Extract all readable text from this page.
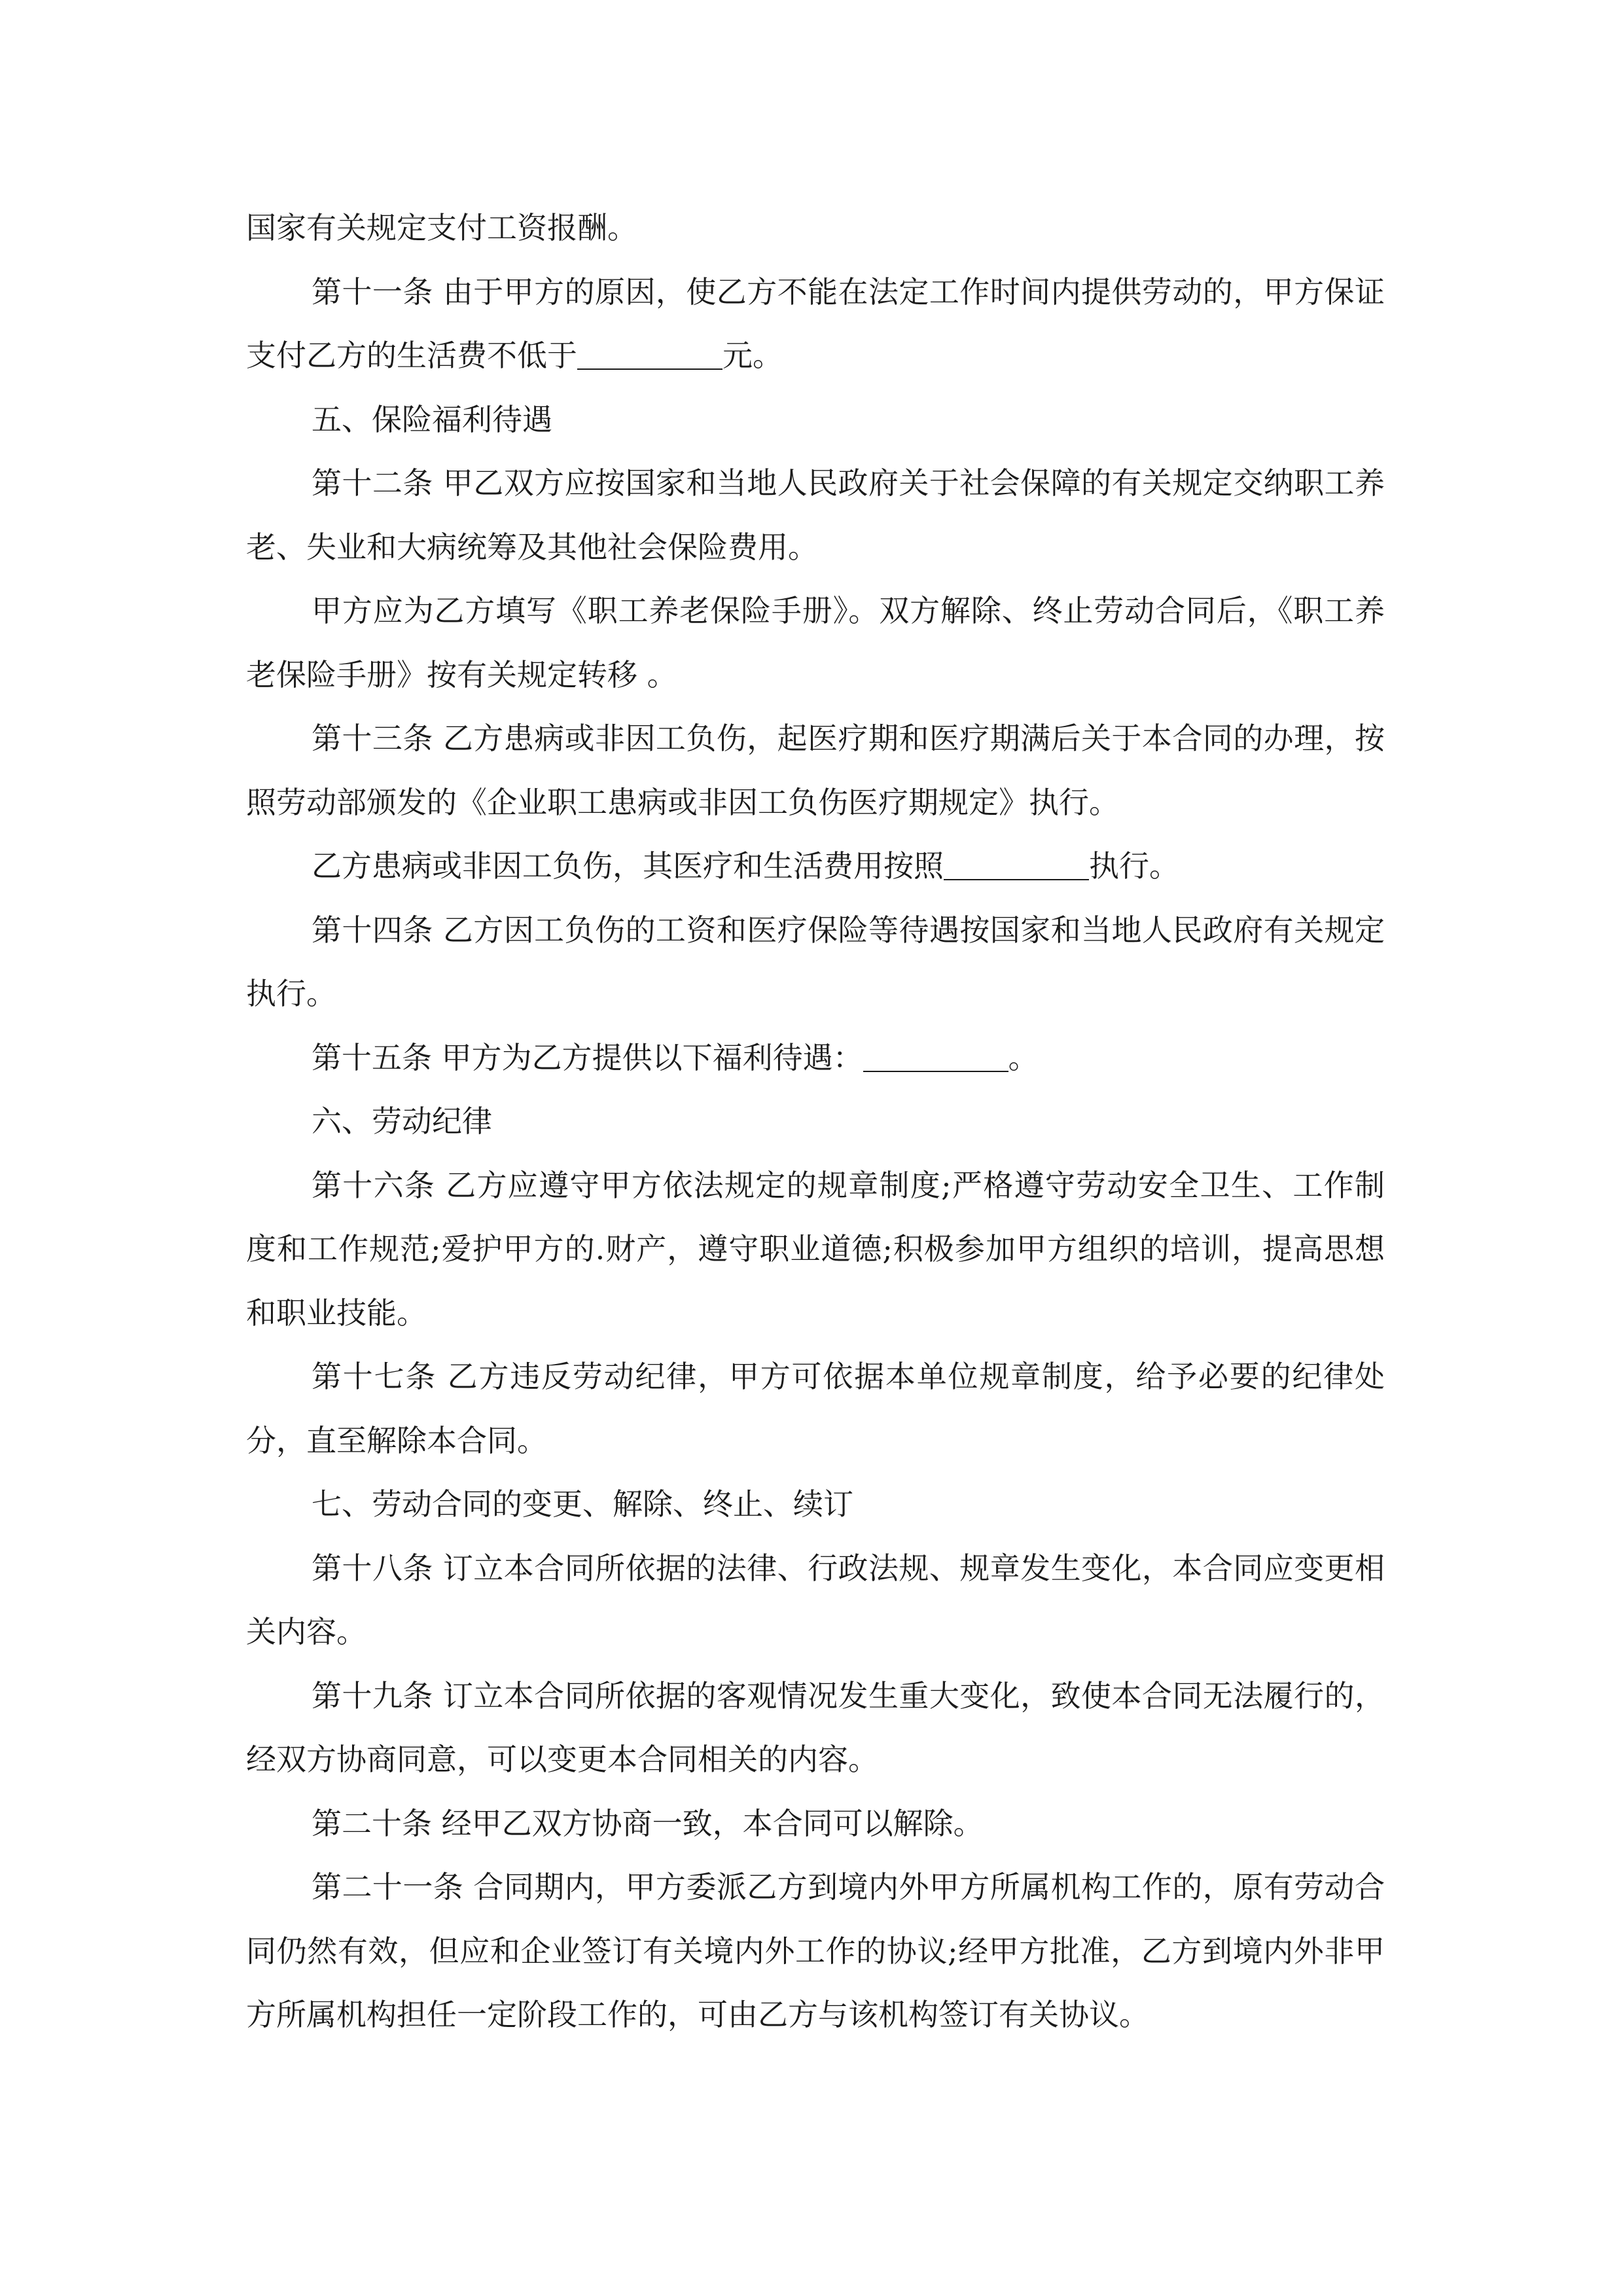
国家有关规定支付工资报酬。

第十一条 由于甲方的原因，使乙方不能在法定工作时间内提供劳动的，甲方保证支付乙方的生活费不低于	元。

五、保险福利待遇

第十二条 甲乙双方应按国家和当地人民政府关于社会保障的有关规定交纳职工养老、失业和大病统筹及其他社会保险费用。

甲方应为乙方填写《职工养老保险手册》。双方解除、终止劳动合同后，《职工养老保险手册》按有关规定转移 。

第十三条 乙方患病或非因工负伤，起医疗期和医疗期满后关于本合同的办理，按照劳动部颁发的《企业职工患病或非因工负伤医疗期规定》执行。

乙方患病或非因工负伤，其医疗和生活费用按照	执行。

第十四条 乙方因工负伤的工资和医疗保险等待遇按国家和当地人民政府有关规定执行。

第十五条 甲方为乙方提供以下福利待遇：	。

六、劳动纪律

第十六条 乙方应遵守甲方依法规定的规章制度;严格遵守劳动安全卫生、工作制度和工作规范;爱护甲方的.财产，遵守职业道德;积极参加甲方组织的培训，提高思想和职业技能。

第十七条 乙方违反劳动纪律，甲方可依据本单位规章制度，给予必要的纪律处分，直至解除本合同。

七、劳动合同的变更、解除、终止、续订

第十八条 订立本合同所依据的法律、行政法规、规章发生变化，本合同应变更相关内容。

第十九条 订立本合同所依据的客观情况发生重大变化，致使本合同无法履行的，经双方协商同意，可以变更本合同相关的内容。

第二十条 经甲乙双方协商一致，本合同可以解除。

第二十一条 合同期内，甲方委派乙方到境内外甲方所属机构工作的，原有劳动合同仍然有效，但应和企业签订有关境内外工作的协议;经甲方批准，乙方到境内外非甲方所属机构担任一定阶段工作的，可由乙方与该机构签订有关协议。
